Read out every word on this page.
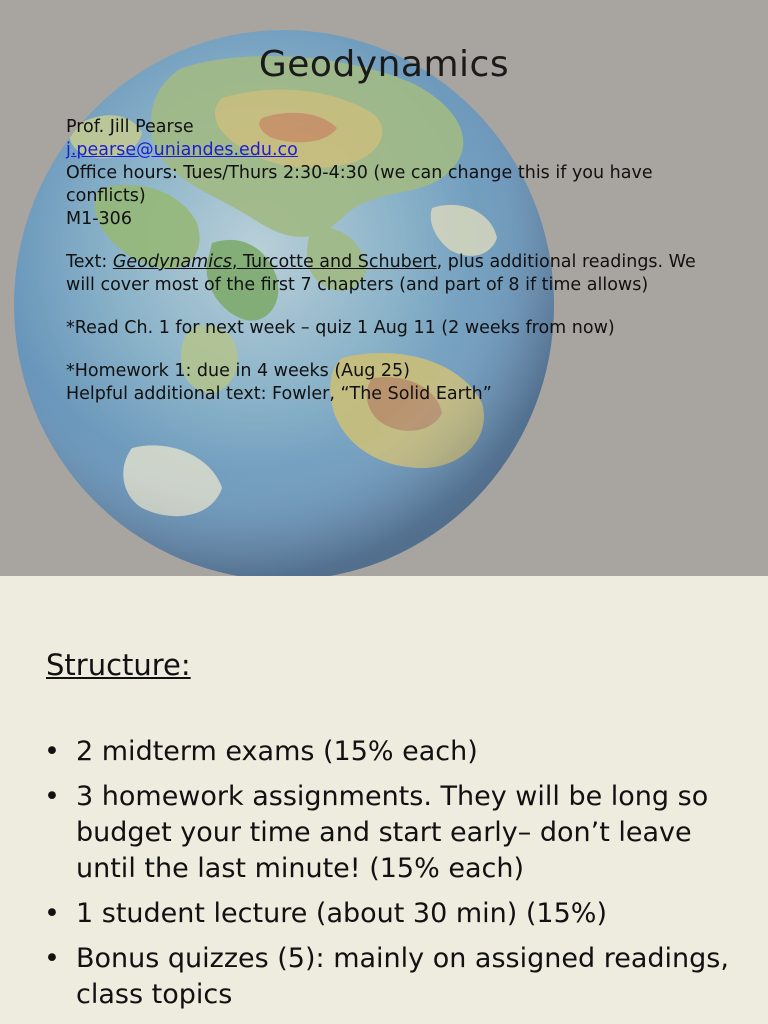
Geodynamics
Prof. Jill Pearse
j.pearse@uniandes.edu.co
Office hours: Tues/Thurs 2:30-4:30 (we can change this if you have conflicts)
M1-306
Text: Geodynamics, Turcotte and Schubert, plus additional readings. We will cover most of the first 7 chapters (and part of 8 if time allows)
*Read Ch. 1 for next week – quiz 1 Aug 11 (2 weeks from now)
*Homework 1: due in 4 weeks (Aug 25)
Helpful additional text: Fowler, “The Solid Earth”
Structure:
• 2 midterm exams (15% each)
• 3 homework assignments. They will be long so budget your time and start early– don’t leave until the last minute! (15% each)
• 1 student lecture (about 30 min) (15%)
• Bonus quizzes (5): mainly on assigned readings, class topics
